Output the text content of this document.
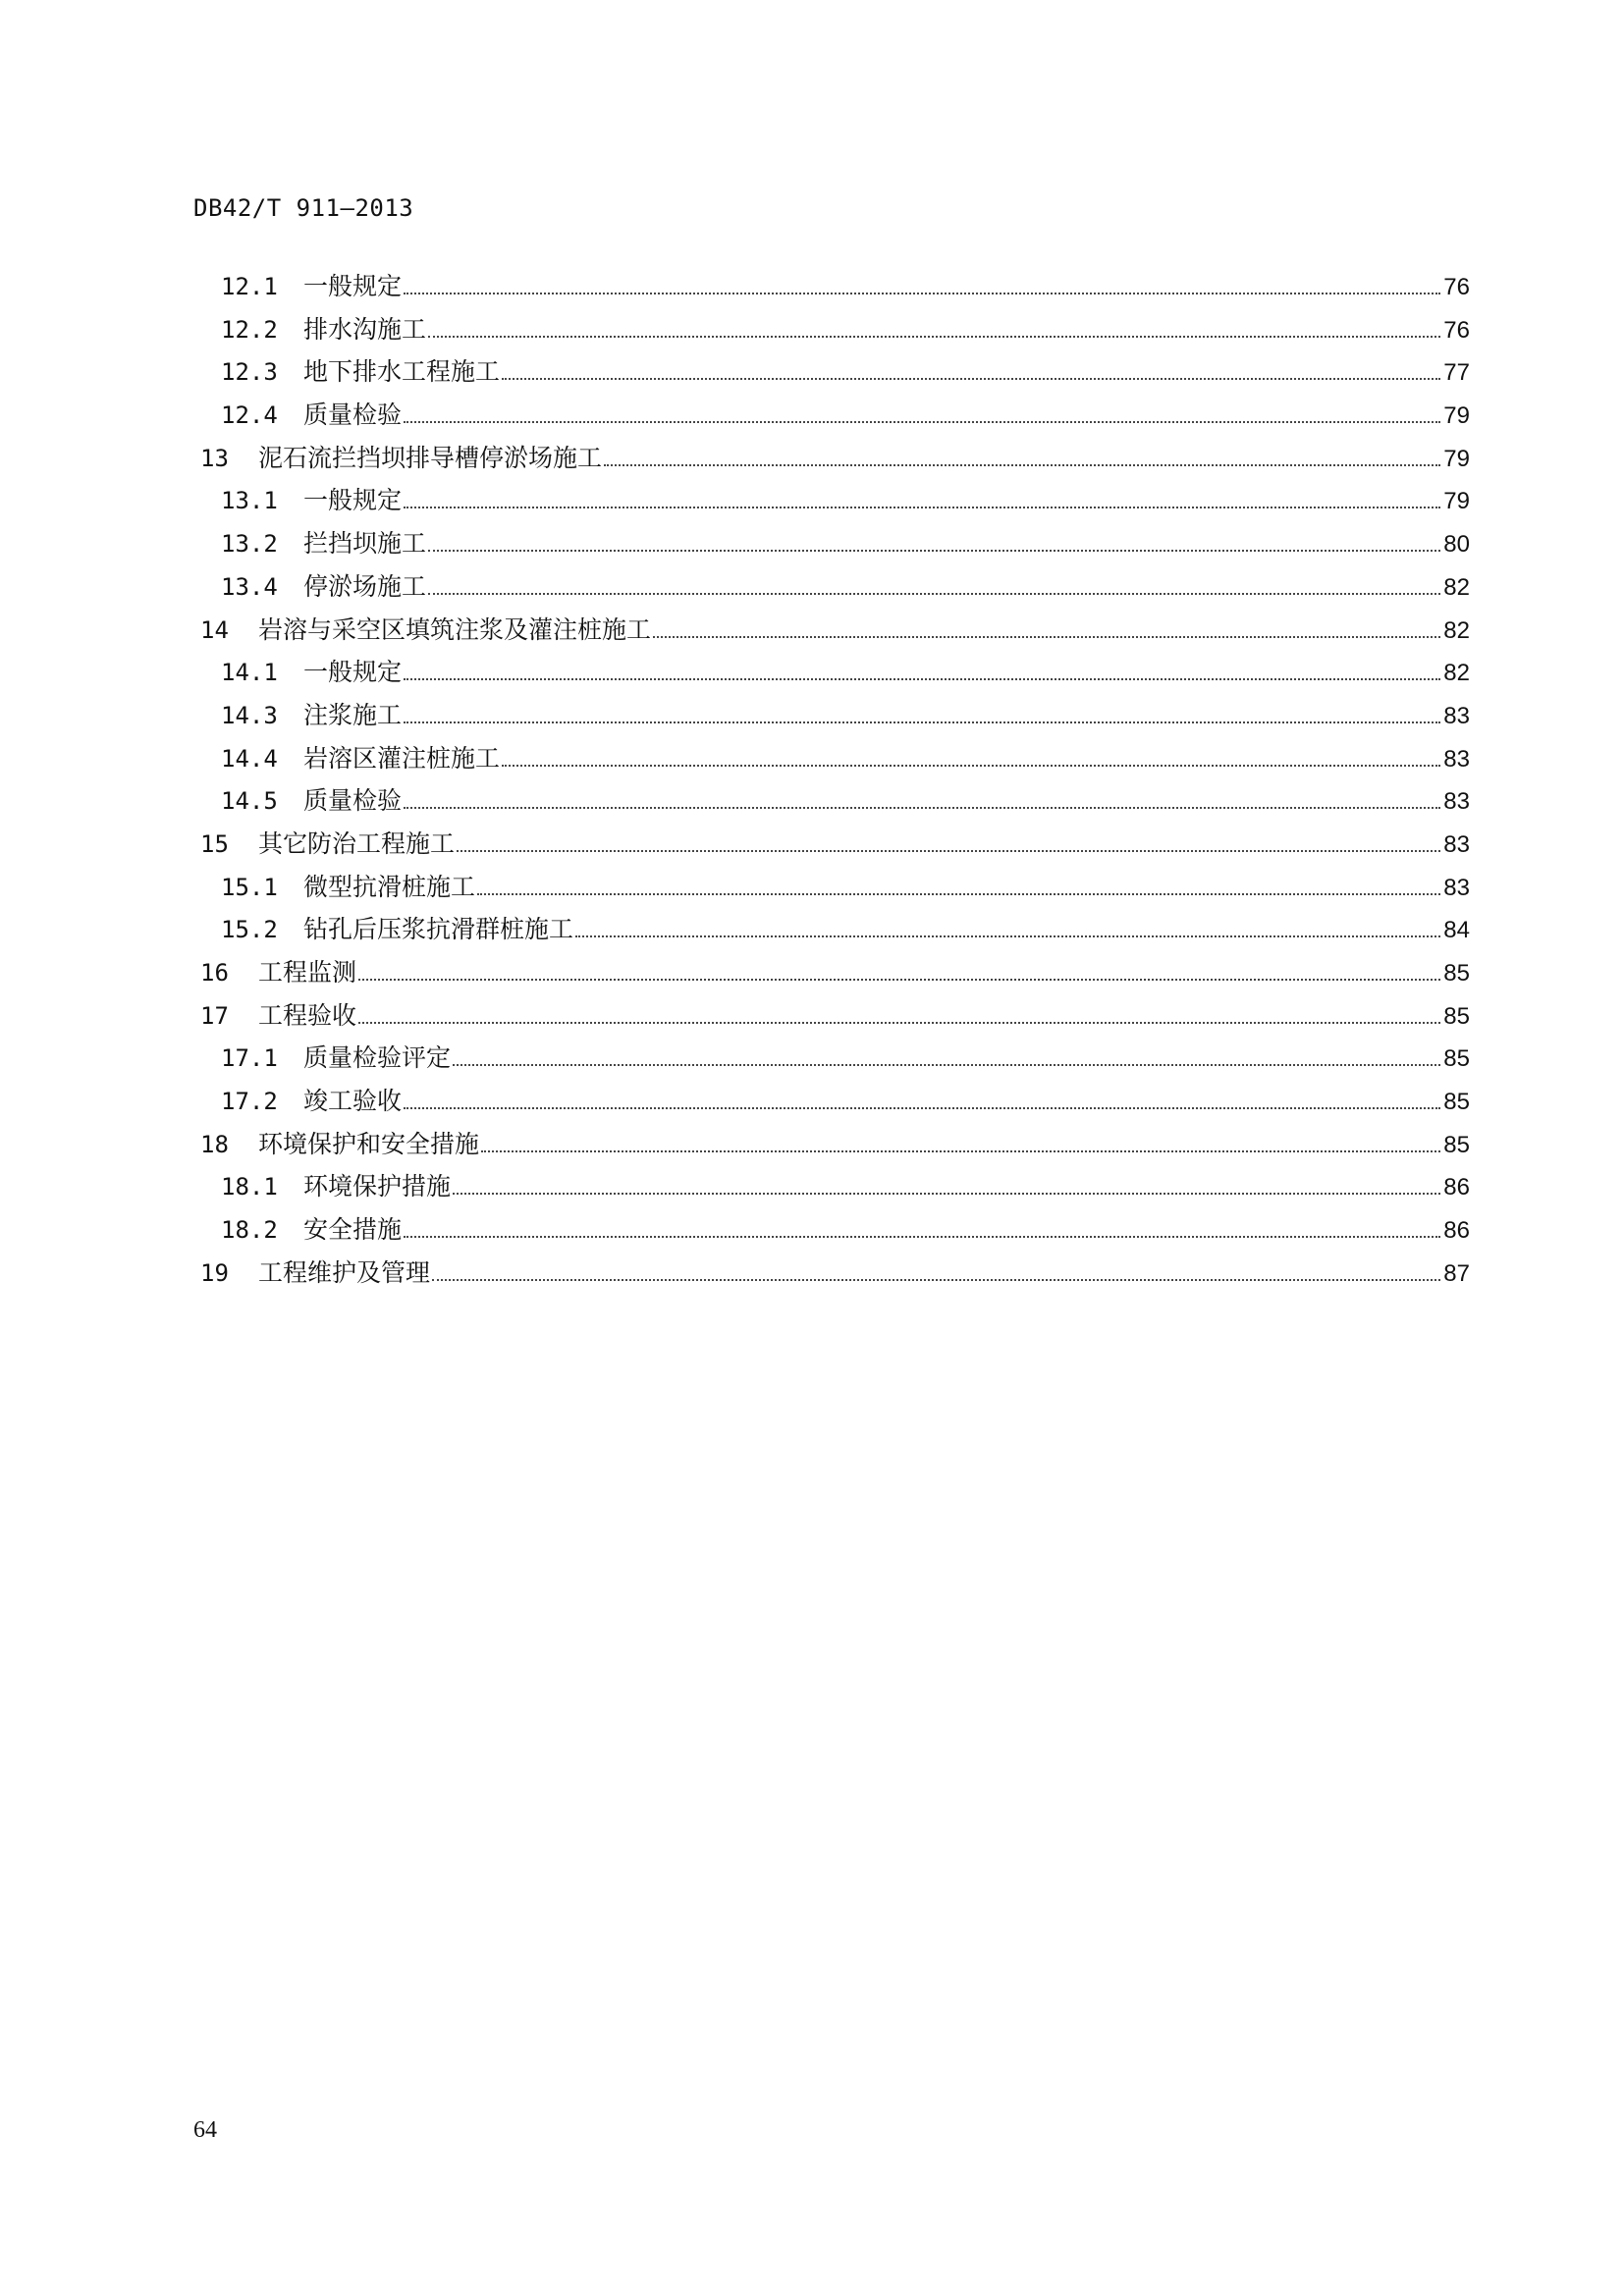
DB42/T 911—2013
12.1	一般规定	76
12.2	排水沟施工	76
12.3	地下排水工程施工	77
12.4	质量检验	79
13	泥石流拦挡坝排导槽停淤场施工	79
13.1	一般规定	79
13.2	拦挡坝施工	80
13.4	停淤场施工	82
14	岩溶与采空区填筑注浆及灌注桩施工	82
14.1	一般规定	82
14.3	注浆施工	83
14.4	岩溶区灌注桩施工	83
14.5	质量检验	83
15	其它防治工程施工	83
15.1	微型抗滑桩施工	83
15.2	钻孔后压浆抗滑群桩施工	84
16	工程监测	85
17	工程验收	85
17.1	质量检验评定	85
17.2	竣工验收	85
18	环境保护和安全措施	85
18.1	环境保护措施	86
18.2	安全措施	86
19	工程维护及管理	87
64
